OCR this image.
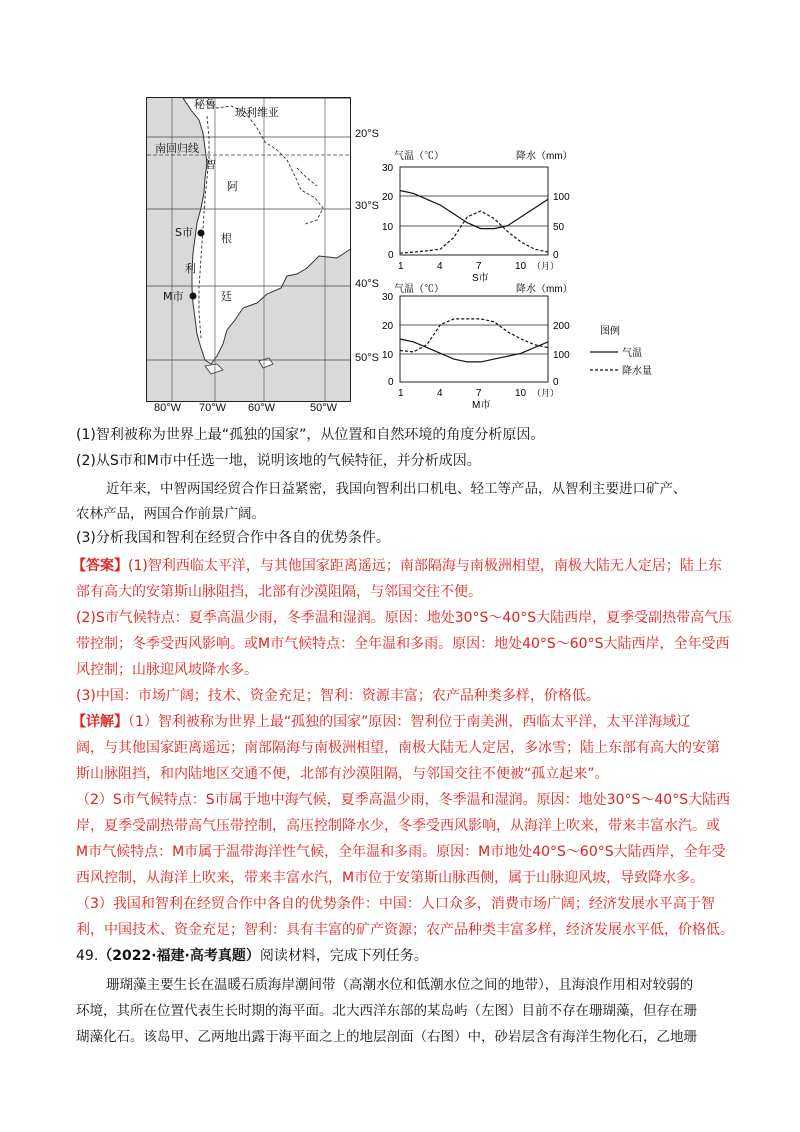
秘鲁
玻利维亚
南回归线
智
阿
根
廷
利
S市
M市
20°S
30°S
40°S
50°S
80°W 70°W 60°W	50°W
气温（℃）	降水（mm）
30
20
10
0
100
50
0
1	4	7	10 （月）
S市
气温（℃）	降水（mm）
30
20
10
0
200
100
0
1	4	7	10 （月）
M市
图例
气温
降水量
(1)智利被称为世界上最“孤独的国家”，从位置和自然环境的角度分析原因。
(2)从S市和M市中任选一地，说明该地的气候特征，并分析成因。
近年来，中智两国经贸合作日益紧密，我国向智利出口机电、轻工等产品，从智利主要进口矿产、
农林产品，两国合作前景广阔。
(3)分析我国和智利在经贸合作中各自的优势条件。
【答案】(1)智利西临太平洋，与其他国家距离遥远；南部隔海与南极洲相望，南极大陆无人定居；陆上东
部有高大的安第斯山脉阻挡，北部有沙漠阻隔，与邻国交往不便。
(2)S市气候特点：夏季高温少雨，冬季温和湿润。原因：地处30°S～40°S大陆西岸，夏季受副热带高气压
带控制；冬季受西风影响。或M市气候特点：全年温和多雨。原因：地处40°S～60°S大陆西岸，全年受西
风控制；山脉迎风坡降水多。
(3)中国：市场广阔；技术、资金充足；智利：资源丰富；农产品种类多样，价格低。
【详解】（1）智利被称为世界上最“孤独的国家”原因：智利位于南美洲，西临太平洋，太平洋海域辽
阔，与其他国家距离遥远；南部隔海与南极洲相望，南极大陆无人定居，多冰雪；陆上东部有高大的安第
斯山脉阻挡，和内陆地区交通不便，北部有沙漠阻隔，与邻国交往不便被“孤立起来”。
（2）S市气候特点：S市属于地中海气候，夏季高温少雨，冬季温和湿润。原因：地处30°S～40°S大陆西
岸，夏季受副热带高气压带控制，高压控制降水少，冬季受西风影响，从海洋上吹来，带来丰富水汽。或
M市气候特点：M市属于温带海洋性气候，全年温和多雨。原因：M市地处40°S～60°S大陆西岸，全年受
西风控制，从海洋上吹来，带来丰富水汽，M市位于安第斯山脉西侧，属于山脉迎风坡，导致降水多。
（3）我国和智利在经贸合作中各自的优势条件：中国：人口众多，消费市场广阔；经济发展水平高于智
利，中国技术、资金充足；智利：具有丰富的矿产资源；农产品种类丰富多样，经济发展水平低，价格低。
49.（2022·福建·高考真题）阅读材料，完成下列任务。
珊瑚藻主要生长在温暖石质海岸潮间带（高潮水位和低潮水位之间的地带），且海浪作用相对较弱的
环境，其所在位置代表生长时期的海平面。北大西洋东部的某岛屿（左图）目前不存在珊瑚藻，但存在珊
瑚藻化石。该岛甲、乙两地出露于海平面之上的地层剖面（右图）中，砂岩层含有海洋生物化石，乙地珊
